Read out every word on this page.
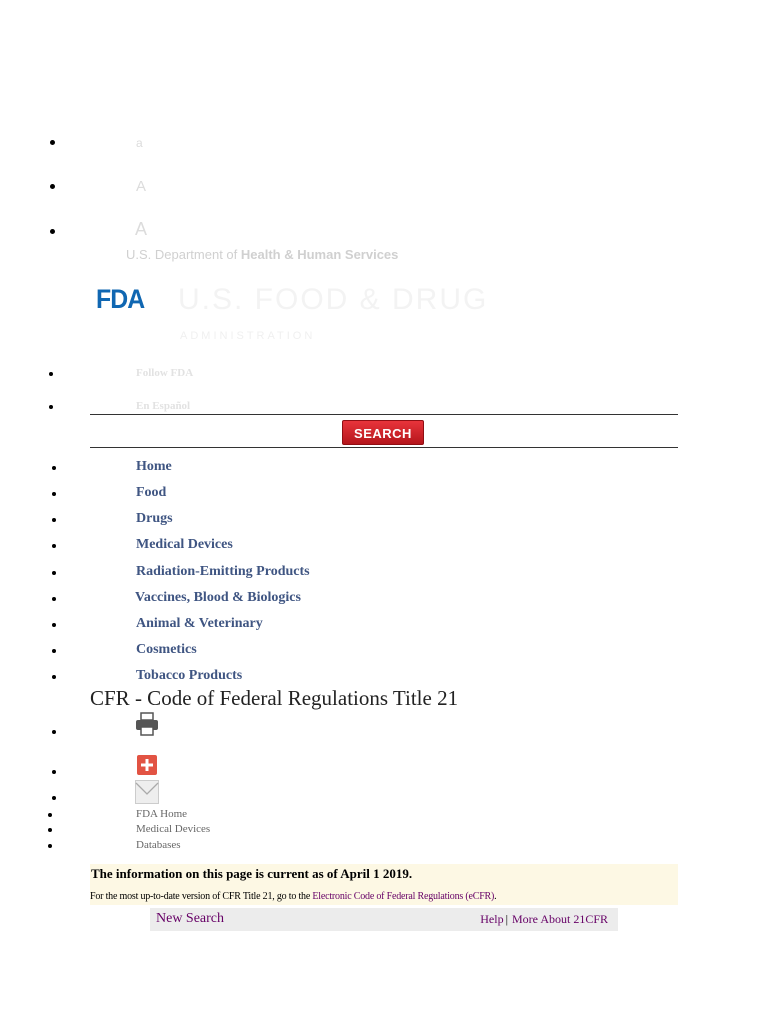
a
A
A
U.S. Department of Health & Human Services
FDA U.S. FOOD & DRUG
ADMINISTRATION
Follow FDA
En Español
SEARCH
Home
Food
Drugs
Medical Devices
Radiation-Emitting Products
Vaccines, Blood & Biologics
Animal & Veterinary
Cosmetics
Tobacco Products
CFR - Code of Federal Regulations Title 21
FDA Home
Medical Devices
Databases
The information on this page is current as of April 1 2019.
For the most up-to-date version of CFR Title 21, go to the Electronic Code of Federal Regulations (eCFR).
New Search	Help | More About 21CFR
